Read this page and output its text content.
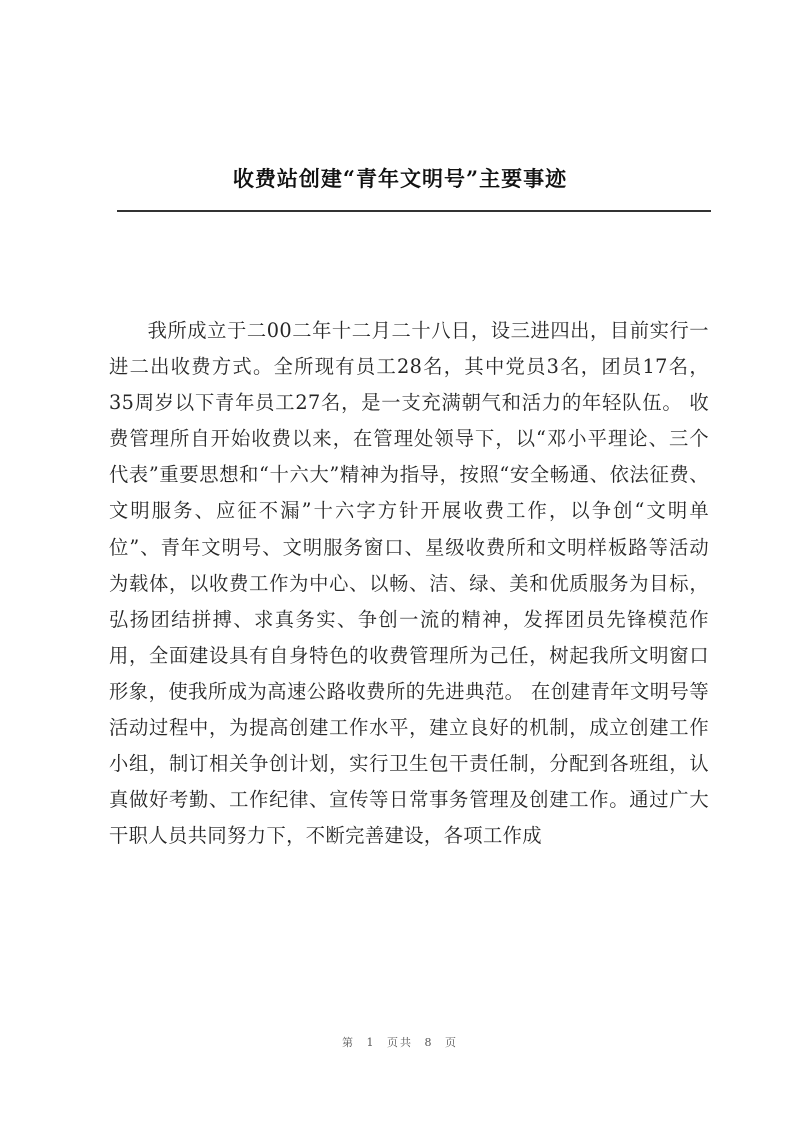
收费站创建“青年文明号”主要事迹

我所成立于二00二年十二月二十八日，设三进四出，目前实行一进二出收费方式。全所现有员工28名，其中党员3名，团员17名，35周岁以下青年员工27名，是一支充满朝气和活力的年轻队伍。 收费管理所自开始收费以来，在管理处领导下，以“邓小平理论、三个代表”重要思想和“十六大”精神为指导，按照“安全畅通、依法征费、文明服务、应征不漏”十六字方针开展收费工作，以争创“文明单位”、青年文明号、文明服务窗口、星级收费所和文明样板路等活动为载体，以收费工作为中心、以畅、洁、绿、美和优质服务为目标，弘扬团结拼搏、求真务实、争创一流的精神，发挥团员先锋模范作用，全面建设具有自身特色的收费管理所为己任，树起我所文明窗口形象，使我所成为高速公路收费所的先进典范。 在创建青年文明号等活动过程中，为提高创建工作水平，建立良好的机制，成立创建工作小组，制订相关争创计划，实行卫生包干责任制，分配到各班组，认真做好考勤、工作纪律、宣传等日常事务管理及创建工作。通过广大干职人员共同努力下，不断完善建设，各项工作成

第 1 页共 8 页
